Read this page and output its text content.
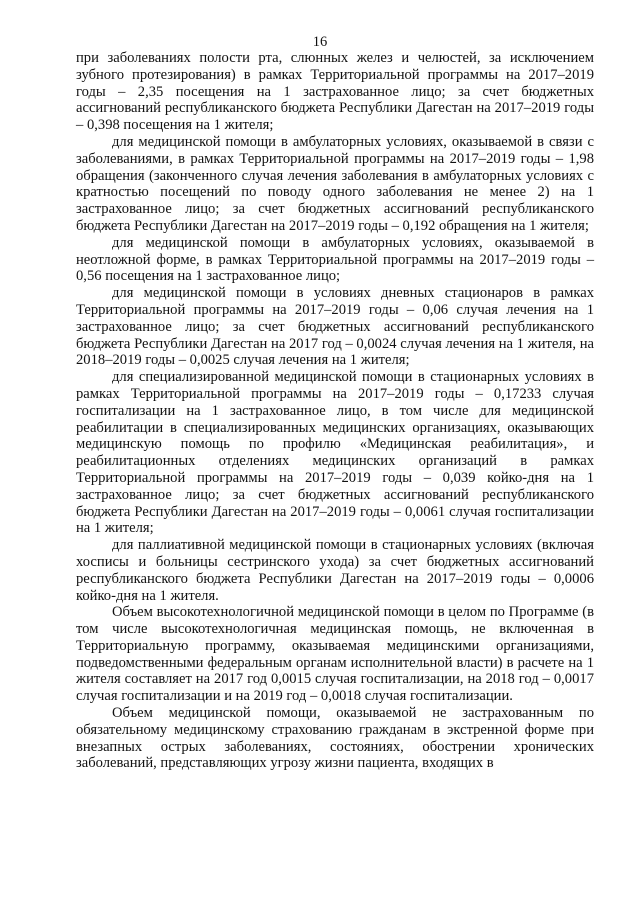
16

при заболеваниях полости рта, слюнных желез и челюстей, за исключением зубного протезирования) в рамках Территориальной программы на 2017–2019 годы – 2,35 посещения на 1 застрахованное лицо; за счет бюджетных ассигнований республиканского бюджета Республики Дагестан на 2017–2019 годы – 0,398 посещения на 1 жителя;

для медицинской помощи в амбулаторных условиях, оказываемой в связи с заболеваниями, в рамках Территориальной программы на 2017–2019 годы – 1,98 обращения (законченного случая лечения заболевания в амбулаторных условиях с кратностью посещений по поводу одного заболевания не менее 2) на 1 застрахованное лицо; за счет бюджетных ассигнований республиканского бюджета Республики Дагестан на 2017–2019 годы – 0,192 обращения на 1 жителя;

для медицинской помощи в амбулаторных условиях, оказываемой в неотложной форме, в рамках Территориальной программы на 2017–2019 годы – 0,56 посещения на 1 застрахованное лицо;

для медицинской помощи в условиях дневных стационаров в рамках Территориальной программы на 2017–2019 годы – 0,06 случая лечения на 1 застрахованное лицо; за счет бюджетных ассигнований республиканского бюджета Республики Дагестан на 2017 год – 0,0024 случая лечения на 1 жителя, на 2018–2019 годы – 0,0025 случая лечения на 1 жителя;

для специализированной медицинской помощи в стационарных условиях в рамках Территориальной программы на 2017–2019 годы – 0,17233 случая госпитализации на 1 застрахованное лицо, в том числе для медицинской реабилитации в специализированных медицинских организациях, оказывающих медицинскую помощь по профилю «Медицинская реабилитация», и реабилитационных отделениях медицинских организаций в рамках Территориальной программы на 2017–2019 годы – 0,039 койко-дня на 1 застрахованное лицо; за счет бюджетных ассигнований республиканского бюджета Республики Дагестан на 2017–2019 годы – 0,0061 случая госпитализации на 1 жителя;

для паллиативной медицинской помощи в стационарных условиях (включая хосписы и больницы сестринского ухода) за счет бюджетных ассигнований республиканского бюджета Республики Дагестан на 2017–2019 годы – 0,0006 койко-дня на 1 жителя.

Объем высокотехнологичной медицинской помощи в целом по Программе (в том числе высокотехнологичная медицинская помощь, не включенная в Территориальную программу, оказываемая медицинскими организациями, подведомственными федеральным органам исполнительной власти) в расчете на 1 жителя составляет на 2017 год 0,0015 случая госпитализации, на 2018 год – 0,0017 случая госпитализации и на 2019 год – 0,0018 случая госпитализации.

Объем медицинской помощи, оказываемой не застрахованным по обязательному медицинскому страхованию гражданам в экстренной форме при внезапных острых заболеваниях, состояниях, обострении хронических заболеваний, представляющих угрозу жизни пациента, входящих в
